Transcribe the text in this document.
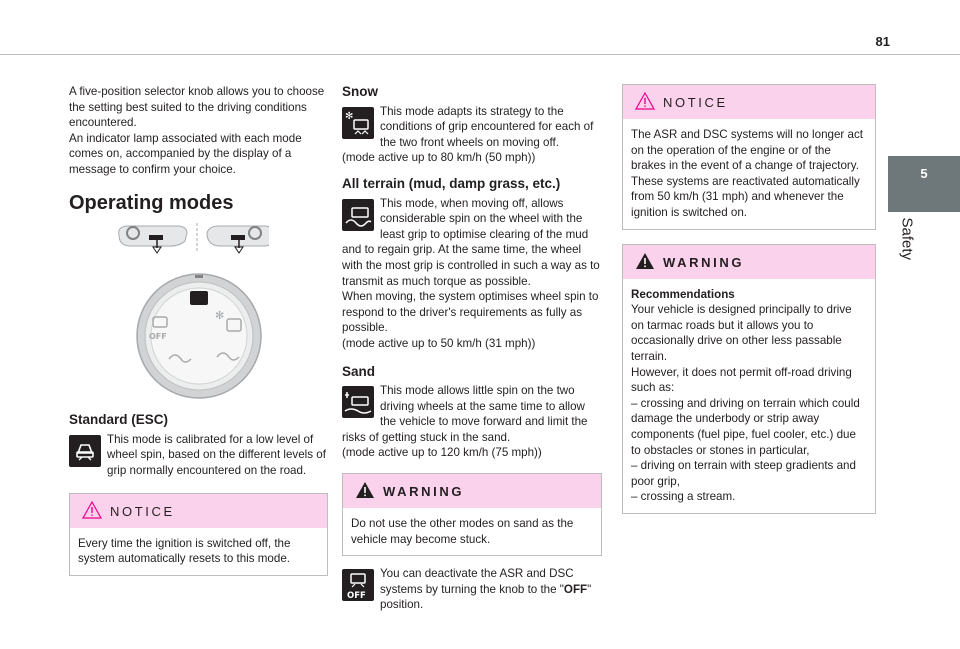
81
5
Safety

A five-position selector knob allows you to choose the setting best suited to the driving conditions encountered.

An indicator lamp associated with each mode comes on, accompanied by the display of a message to confirm your choice.

Operating modes
✻
OFF
Standard (ESC)

This mode is calibrated for a low level of wheel spin, based on the different levels of grip normally encountered on the road.

NOTICE

Every time the ignition is switched off, the system automatically resets to this mode.

Snow
✻	This mode adapts its strategy to the conditions of grip encountered for each of the two front wheels on moving off.

(mode active up to 80 km/h (50 mph))

All terrain (mud, damp grass, etc.)

This mode, when moving off, allows considerable spin on the wheel with the least grip to optimise clearing of the mud and to regain grip. At the same time, the wheel with the most grip is controlled in such a way as to transmit as much torque as possible.

When moving, the system optimises wheel spin to respond to the driver's requirements as fully as possible.

(mode active up to 50 km/h (31 mph))

Sand

This mode allows little spin on the two driving wheels at the same time to allow the vehicle to move forward and limit the risks of getting stuck in the sand.

(mode active up to 120 km/h (75 mph))

WARNING

Do not use the other modes on sand as the vehicle may become stuck.

OFF

You can deactivate the ASR and DSC systems by turning the knob to the "OFF" position.

NOTICE

The ASR and DSC systems will no longer act on the operation of the engine or of the brakes in the event of a change of trajectory.

These systems are reactivated automatically from 50 km/h (31 mph) and whenever the ignition is switched on.

WARNING

Recommendations

Your vehicle is designed principally to drive on tarmac roads but it allows you to occasionally drive on other less passable terrain.

However, it does not permit off-road driving such as:

– crossing and driving on terrain which could damage the underbody or strip away components (fuel pipe, fuel cooler, etc.) due to obstacles or stones in particular,

– driving on terrain with steep gradients and poor grip,

– crossing a stream.
